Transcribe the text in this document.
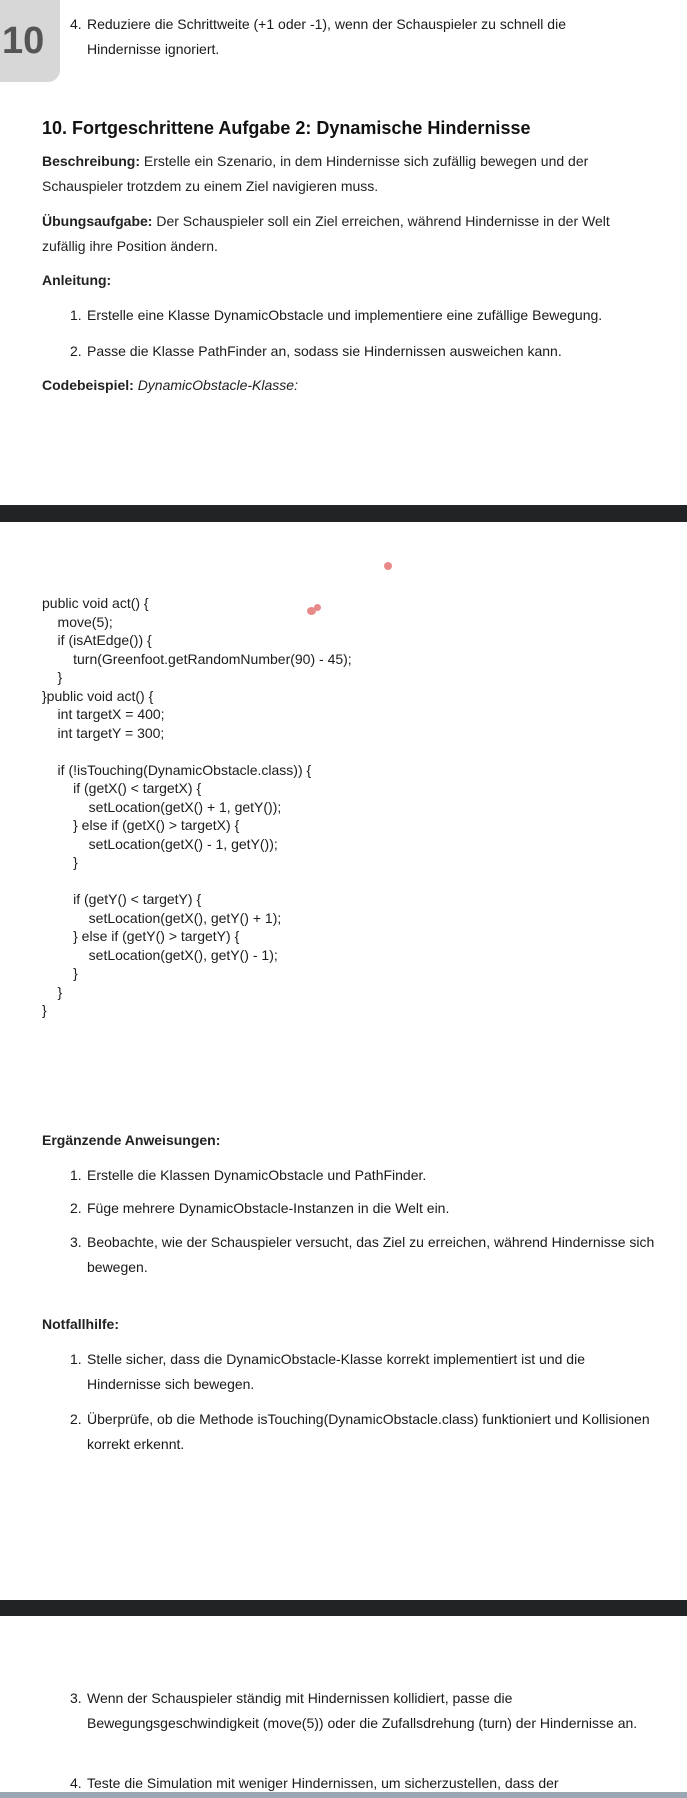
10 4. Reduziere die Schrittweite (+1 oder -1), wenn der Schauspieler zu schnell die Hindernisse ignoriert.
10. Fortgeschrittene Aufgabe 2: Dynamische Hindernisse
Beschreibung: Erstelle ein Szenario, in dem Hindernisse sich zufällig bewegen und der Schauspieler trotzdem zu einem Ziel navigieren muss.
Übungsaufgabe: Der Schauspieler soll ein Ziel erreichen, während Hindernisse in der Welt zufällig ihre Position ändern.
Anleitung:
1. Erstelle eine Klasse DynamicObstacle und implementiere eine zufällige Bewegung.
2. Passe die Klasse PathFinder an, sodass sie Hindernissen ausweichen kann.
Codebeispiel: DynamicObstacle-Klasse:
public void act() {
move(5);
if (isAtEdge()) {
turn(Greenfoot.getRandomNumber(90) - 45);
}
}public void act() {
int targetX = 400;
int targetY = 300;

if (!isTouching(DynamicObstacle.class)) {
if (getX() < targetX) {
setLocation(getX() + 1, getY());
} else if (getX() > targetX) {
setLocation(getX() - 1, getY());
}

if (getY() < targetY) {
setLocation(getX(), getY() + 1);
} else if (getY() > targetY) {
setLocation(getX(), getY() - 1);
}
}
}
Ergänzende Anweisungen:
1. Erstelle die Klassen DynamicObstacle und PathFinder.
2. Füge mehrere DynamicObstacle-Instanzen in die Welt ein.
3. Beobachte, wie der Schauspieler versucht, das Ziel zu erreichen, während Hindernisse sich bewegen.
Notfallhilfe:
1. Stelle sicher, dass die DynamicObstacle-Klasse korrekt implementiert ist und die Hindernisse sich bewegen.
2. Überprüfe, ob die Methode isTouching(DynamicObstacle.class) funktioniert und Kollisionen korrekt erkennt.
3. Wenn der Schauspieler ständig mit Hindernissen kollidiert, passe die Bewegungsgeschwindigkeit (move(5)) oder die Zufallsdrehung (turn) der Hindernisse an.
4. Teste die Simulation mit weniger Hindernissen, um sicherzustellen, dass der
